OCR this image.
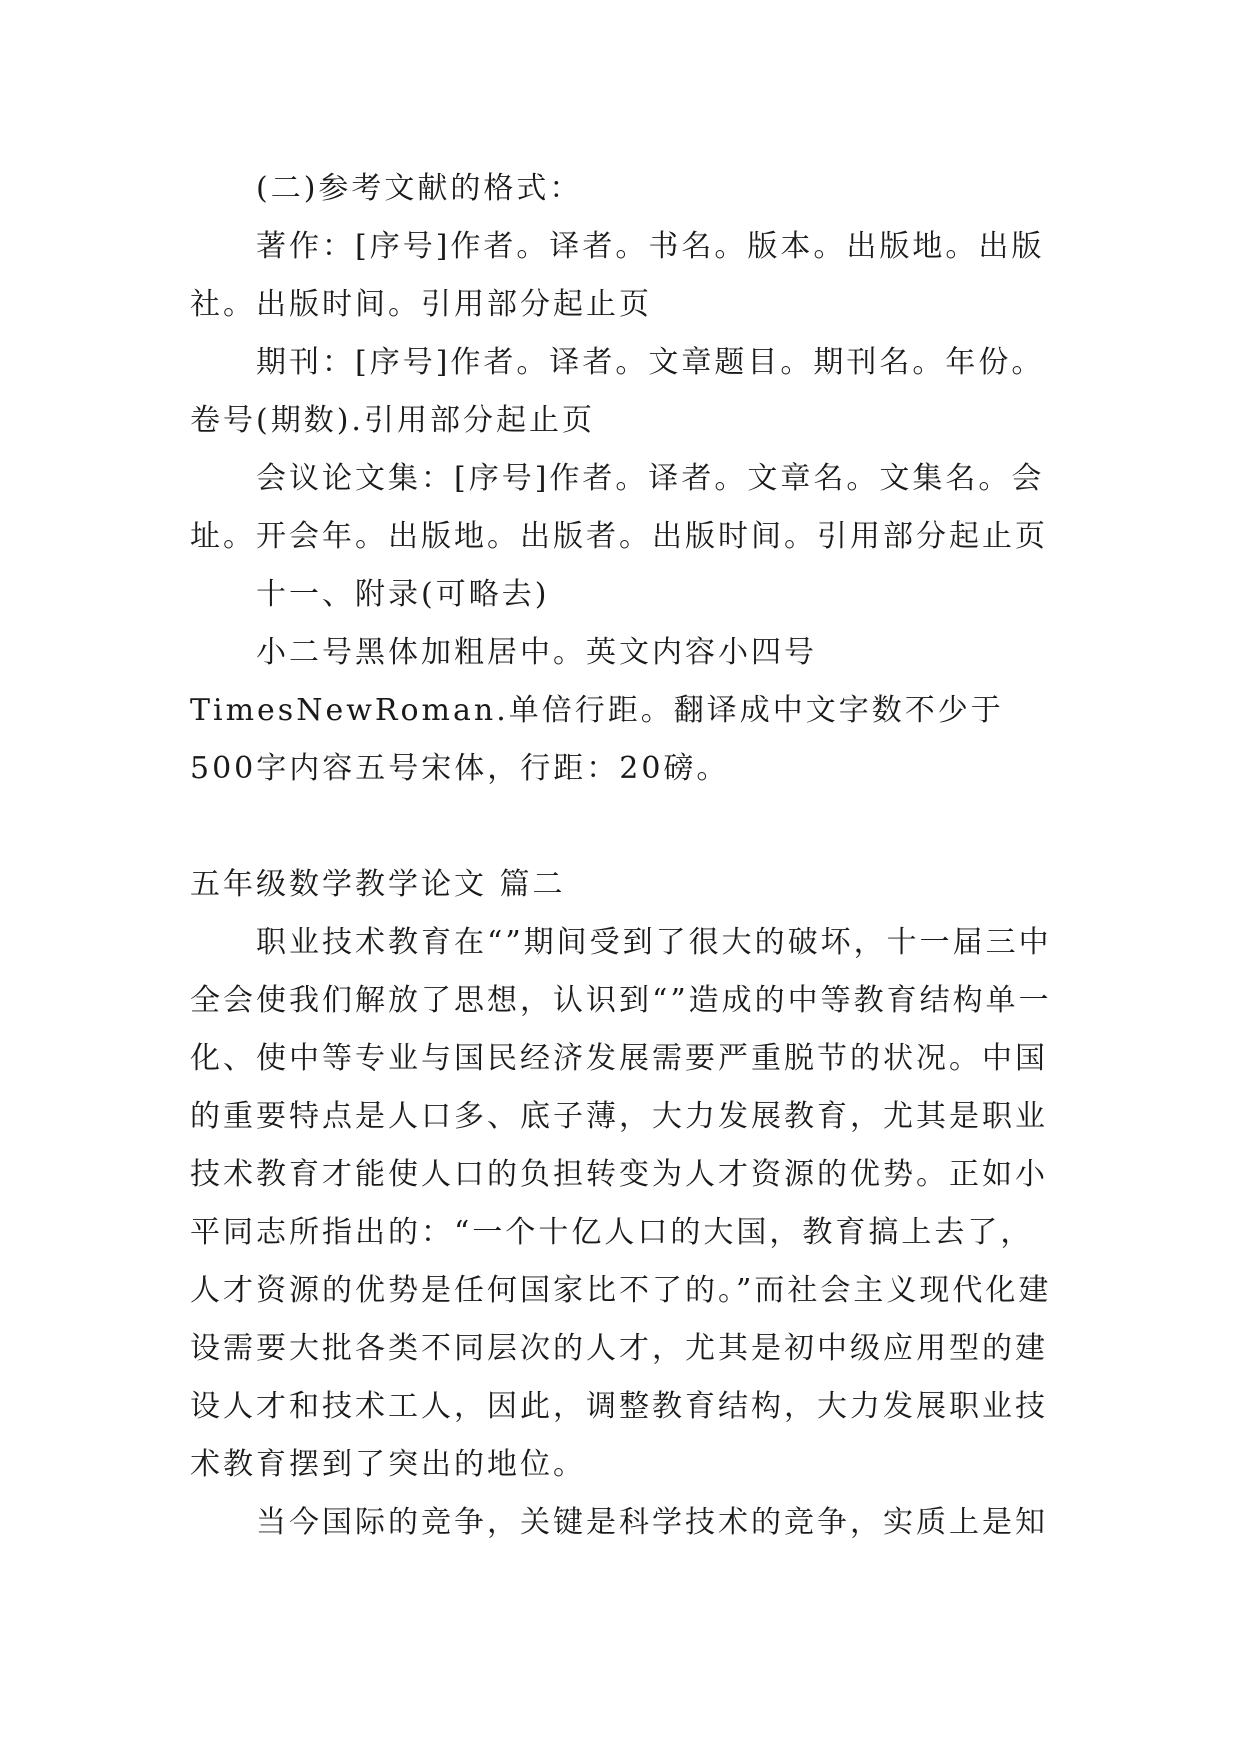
(二)参考文献的格式：

著作：[序号]作者。译者。书名。版本。出版地。出版社。出版时间。引用部分起止页

期刊：[序号]作者。译者。文章题目。期刊名。年份。卷号(期数).引用部分起止页

会议论文集：[序号]作者。译者。文章名。文集名。会址。开会年。出版地。出版者。出版时间。引用部分起止页

十一、附录(可略去)

小二号黑体加粗居中。英文内容小四号TimesNewRoman.单倍行距。翻译成中文字数不少于500字内容五号宋体，行距：20磅。

五年级数学教学论文 篇二

职业技术教育在“”期间受到了很大的破坏，十一届三中全会使我们解放了思想，认识到“”造成的中等教育结构单一化、使中等专业与国民经济发展需要严重脱节的状况。中国的重要特点是人口多、底子薄，大力发展教育，尤其是职业技术教育才能使人口的负担转变为人才资源的优势。正如小平同志所指出的：“一个十亿人口的大国，教育搞上去了，人才资源的优势是任何国家比不了的。”而社会主义现代化建设需要大批各类不同层次的人才，尤其是初中级应用型的建设人才和技术工人，因此，调整教育结构，大力发展职业技术教育摆到了突出的地位。

当今国际的竞争，关键是科学技术的竞争，实质上是知
